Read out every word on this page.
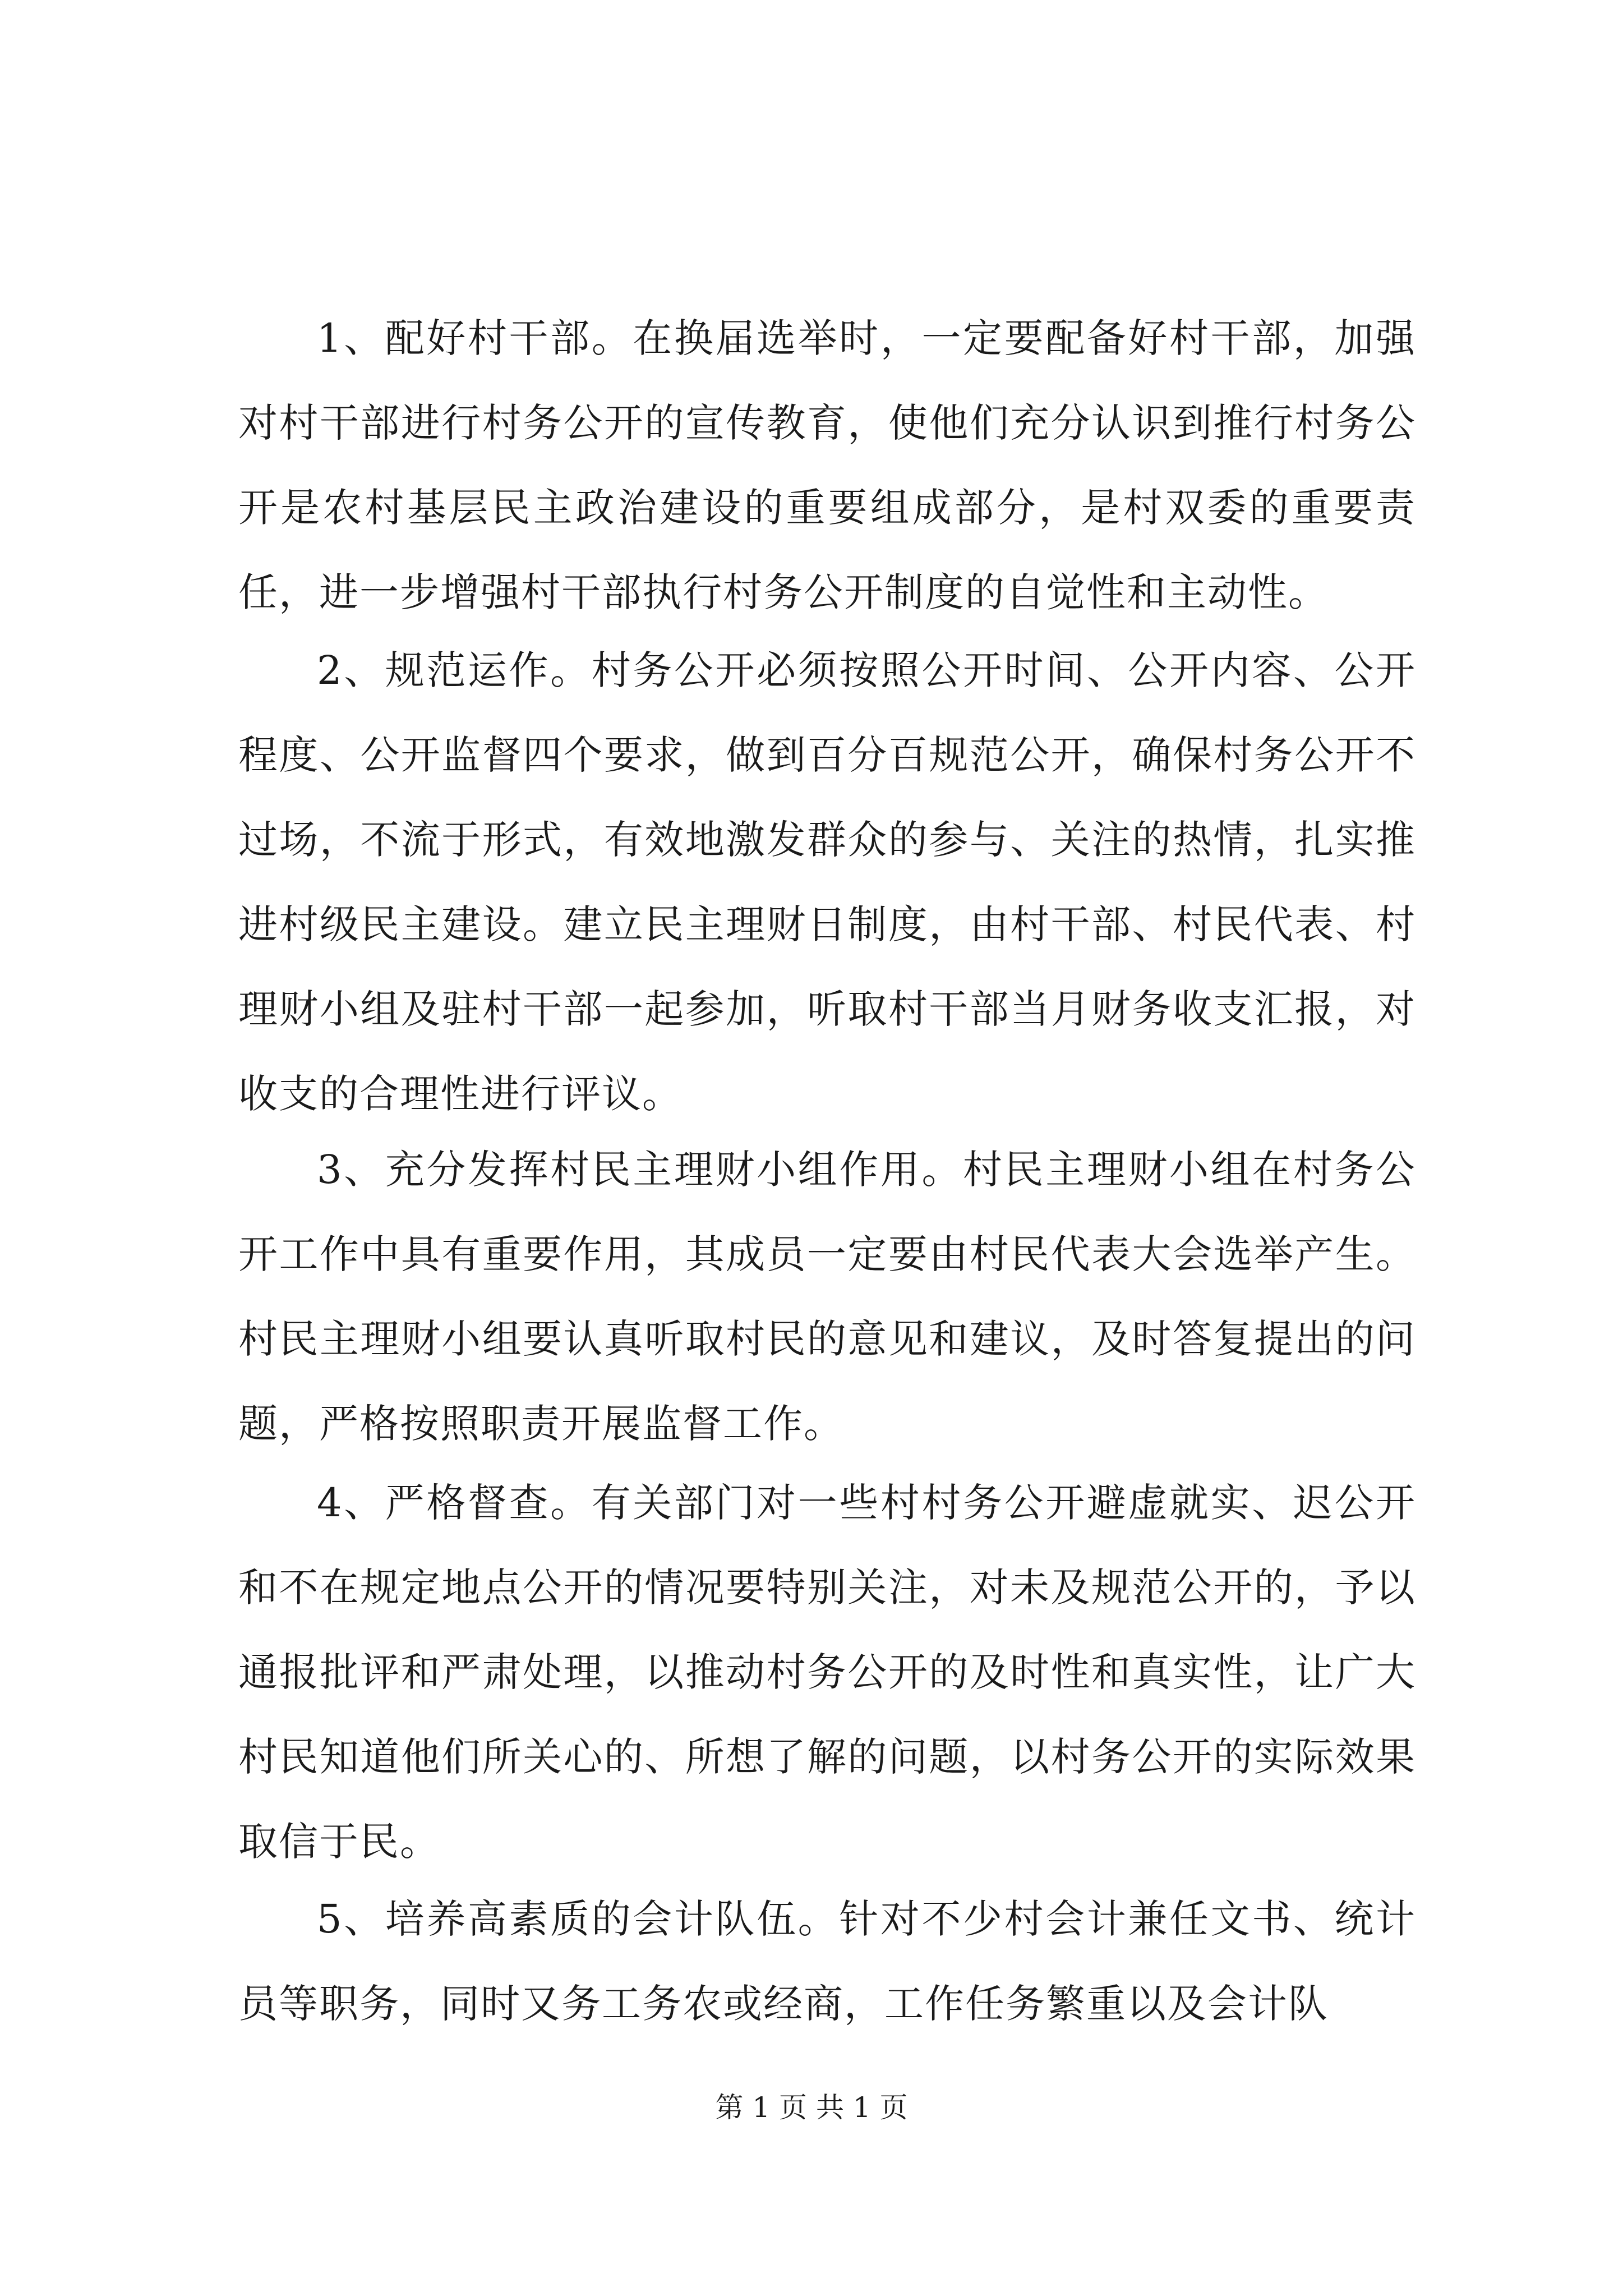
1、配好村干部。在换届选举时，一定要配备好村干部，加强对村干部进行村务公开的宣传教育，使他们充分认识到推行村务公开是农村基层民主政治建设的重要组成部分，是村双委的重要责任，进一步增强村干部执行村务公开制度的自觉性和主动性。

2、规范运作。村务公开必须按照公开时间、公开内容、公开程度、公开监督四个要求，做到百分百规范公开，确保村务公开不过场，不流于形式，有效地激发群众的参与、关注的热情，扎实推进村级民主建设。建立民主理财日制度，由村干部、村民代表、村理财小组及驻村干部一起参加，听取村干部当月财务收支汇报，对收支的合理性进行评议。

3、充分发挥村民主理财小组作用。村民主理财小组在村务公开工作中具有重要作用，其成员一定要由村民代表大会选举产生。村民主理财小组要认真听取村民的意见和建议，及时答复提出的问题，严格按照职责开展监督工作。

4、严格督查。有关部门对一些村村务公开避虚就实、迟公开和不在规定地点公开的情况要特别关注，对未及规范公开的，予以通报批评和严肃处理，以推动村务公开的及时性和真实性，让广大村民知道他们所关心的、所想了解的问题，以村务公开的实际效果取信于民。

5、培养高素质的会计队伍。针对不少村会计兼任文书、统计员等职务，同时又务工务农或经商，工作任务繁重以及会计队

第 1 页 共 1 页
